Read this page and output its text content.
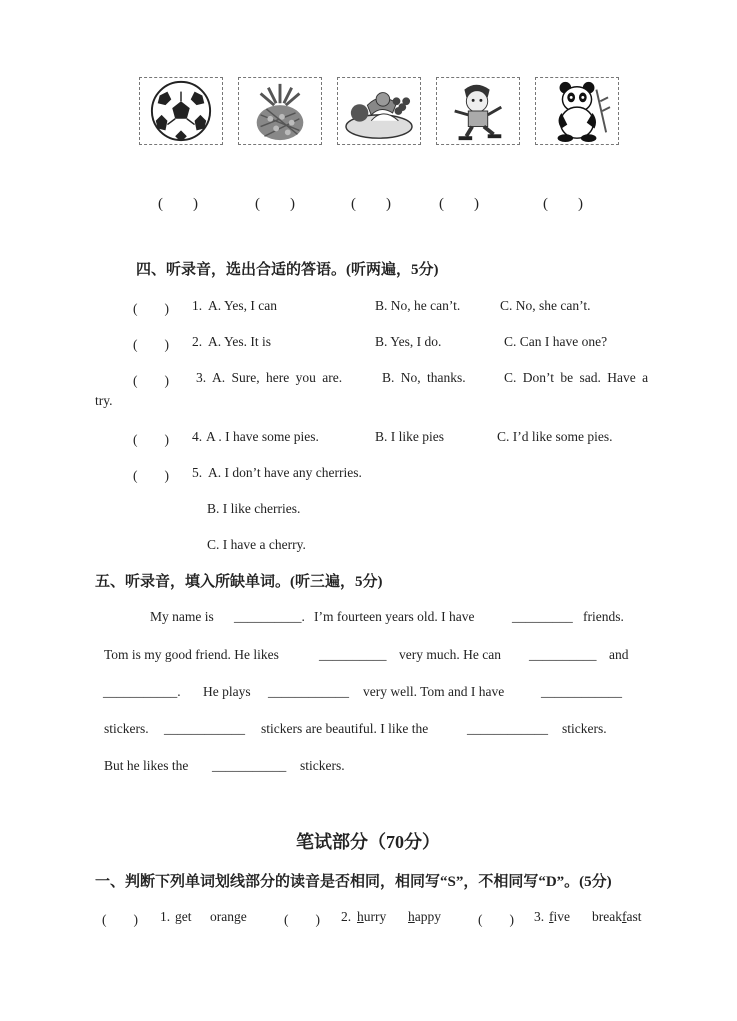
(　　)	(　　)	(　　)	(　　)	(　　)
四、听录音，选出合适的答语。(听两遍，5分)
(　　) 1. A. Yes, I can	B. No, he can’t.	C. No, she can’t.
(　　) 2. A. Yes. It is	B. Yes, I do.	C. Can I have one?
(　　) 3. A. Sure, here you are.	B. No, thanks.	C. Don’t be sad. Have a
try.
(　　) 4. A . I have some pies.	B. I like pies	C. I’d like some pies.
(　　) 5. A. I don’t have any cherries.
B. I like cherries.
C. I have a cherry.
五、听录音，填入所缺单词。(听三遍，5分)
My name is __________. I’m fourteen years old. I have	_________ friends.
Tom is my good friend. He likes	__________ very much. He can __________ and
___________. He plays ____________ very well. Tom and I have	____________
stickers. ____________ stickers are beautiful. I like the	____________ stickers.
But he likes the ___________ stickers.
笔试部分（70分）
一、判断下列单词划线部分的读音是否相同，相同写“S”，不相同写“D”。(5分)
(　　) 1. get orange	(　　) 2. hurry happy	(　　) 3. five breakfast
